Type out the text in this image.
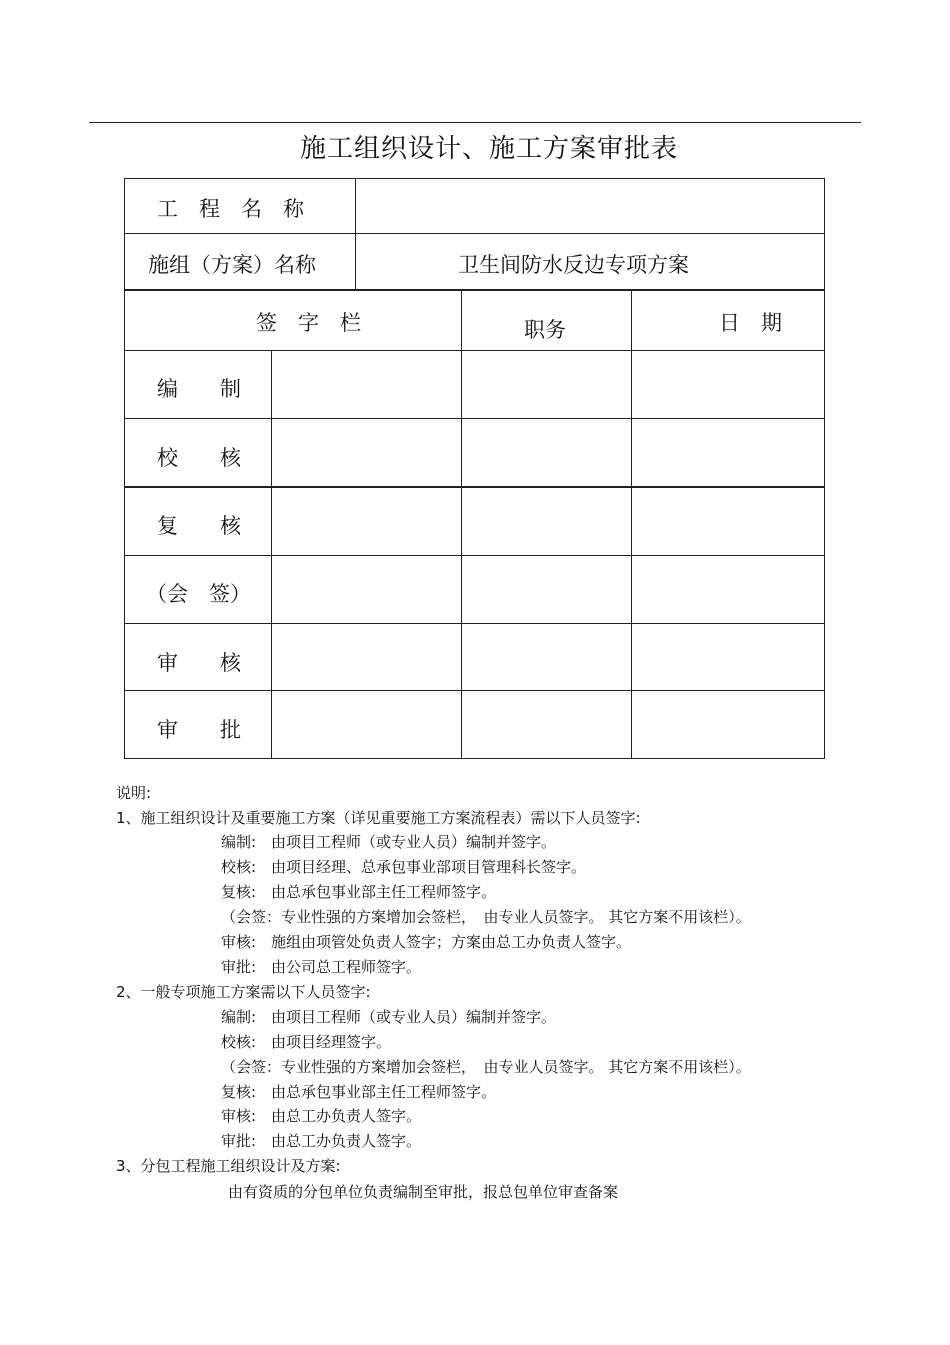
施工组织设计、施工方案审批表
工　程　名　称
施组（方案）名称	卫生间防水反边专项方案
签　字　栏	职务	日　期
编　　制
校　　核
复　　核
（会　签）
审　　核
审　　批
说明:
1、施工组织设计及重要施工方案（详见重要施工方案流程表）需以下人员签字:
编制:　由项目工程师（或专业人员）编制并签字。
校核:　由项目经理、总承包事业部项目管理科长签字。
复核:　由总承包事业部主任工程师签字。
（会签：专业性强的方案增加会签栏，　由专业人员签字。 其它方案不用该栏）。
审核:　施组由项管处负责人签字；方案由总工办负责人签字。
审批:　由公司总工程师签字。
2、一般专项施工方案需以下人员签字:
编制:　由项目工程师（或专业人员）编制并签字。
校核:　由项目经理签字。
（会签：专业性强的方案增加会签栏，　由专业人员签字。 其它方案不用该栏）。
复核:　由总承包事业部主任工程师签字。
审核:　由总工办负责人签字。
审批:　由总工办负责人签字。
3、分包工程施工组织设计及方案:
由有资质的分包单位负责编制至审批，报总包单位审查备案
